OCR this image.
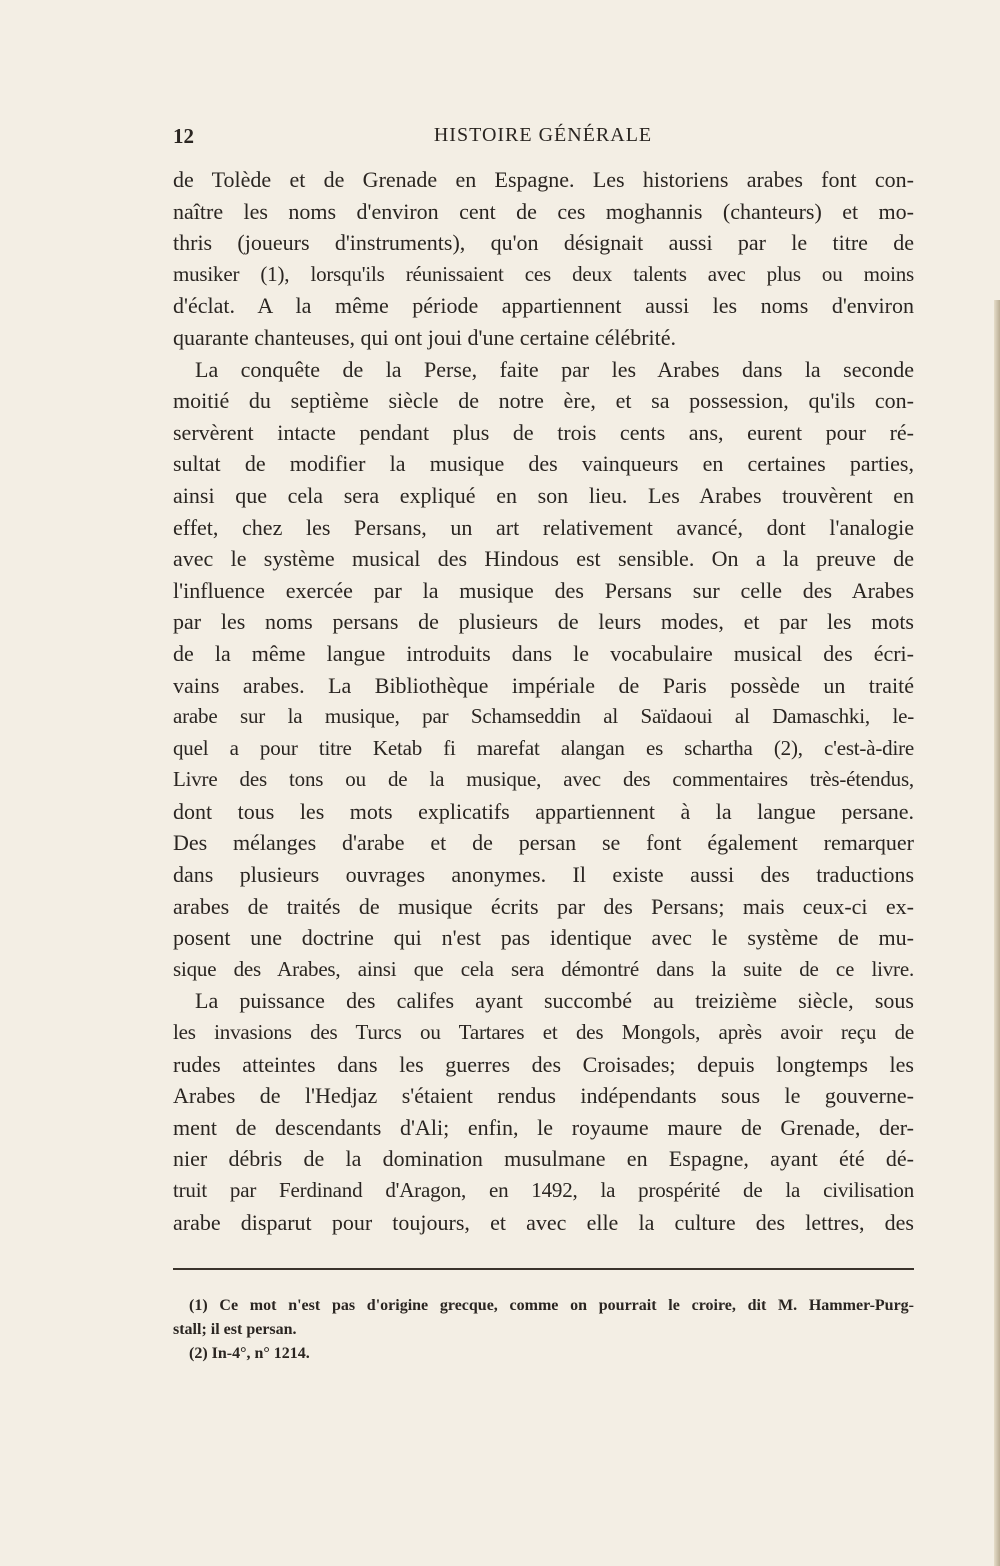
12	HISTOIRE GÉNÉRALE
de Tolède et de Grenade en Espagne. Les historiens arabes font con-
naître les noms d'environ cent de ces moghannis (chanteurs) et mo-
thris (joueurs d'instruments), qu'on désignait aussi par le titre de
musiker (1), lorsqu'ils réunissaient ces deux talents avec plus ou moins
d'éclat. A la même période appartiennent aussi les noms d'environ
quarante chanteuses, qui ont joui d'une certaine célébrité.
La conquête de la Perse, faite par les Arabes dans la seconde
moitié du septième siècle de notre ère, et sa possession, qu'ils con-
servèrent intacte pendant plus de trois cents ans, eurent pour ré-
sultat de modifier la musique des vainqueurs en certaines parties,
ainsi que cela sera expliqué en son lieu. Les Arabes trouvèrent en
effet, chez les Persans, un art relativement avancé, dont l'analogie
avec le système musical des Hindous est sensible. On a la preuve de
l'influence exercée par la musique des Persans sur celle des Arabes
par les noms persans de plusieurs de leurs modes, et par les mots
de la même langue introduits dans le vocabulaire musical des écri-
vains arabes. La Bibliothèque impériale de Paris possède un traité
arabe sur la musique, par Schamseddin al Saïdaoui al Damaschki, le-
quel a pour titre Ketab fi marefat alangan es schartha (2), c'est-à-dire
Livre des tons ou de la musique, avec des commentaires très-étendus,
dont tous les mots explicatifs appartiennent à la langue persane.
Des mélanges d'arabe et de persan se font également remarquer
dans plusieurs ouvrages anonymes. Il existe aussi des traductions
arabes de traités de musique écrits par des Persans; mais ceux-ci ex-
posent une doctrine qui n'est pas identique avec le système de mu-
sique des Arabes, ainsi que cela sera démontré dans la suite de ce livre.
La puissance des califes ayant succombé au treizième siècle, sous
les invasions des Turcs ou Tartares et des Mongols, après avoir reçu de
rudes atteintes dans les guerres des Croisades; depuis longtemps les
Arabes de l'Hedjaz s'étaient rendus indépendants sous le gouverne-
ment de descendants d'Ali; enfin, le royaume maure de Grenade, der-
nier débris de la domination musulmane en Espagne, ayant été dé-
truit par Ferdinand d'Aragon, en 1492, la prospérité de la civilisation
arabe disparut pour toujours, et avec elle la culture des lettres, des
(1) Ce mot n'est pas d'origine grecque, comme on pourrait le croire, dit M. Hammer-Purg-
stall; il est persan.
(2) In-4°, n° 1214.
